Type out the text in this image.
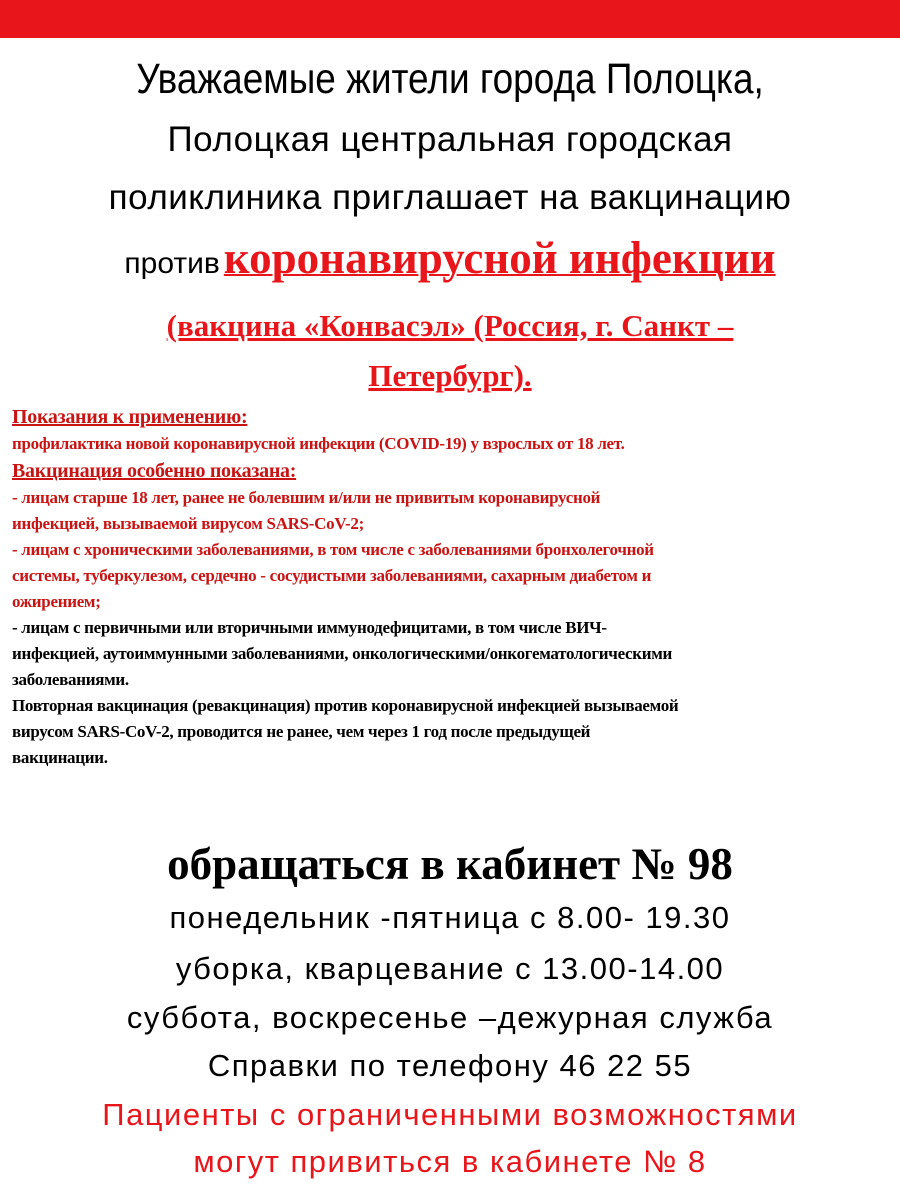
Уважаемые жители города Полоцка,
Полоцкая центральная городская
поликлиника приглашает на вакцинацию
против коронавирусной инфекции
(вакцина «Конвасэл» (Россия, г. Санкт –
Петербург).
Показания к применению:
профилактика новой коронавирусной инфекции (COVID-19) у взрослых от 18 лет.
Вакцинация особенно показана:
- лицам старше 18 лет, ранее не болевшим и/или не привитым коронавирусной
инфекцией, вызываемой вирусом SARS-CoV-2;
- лицам с хроническими заболеваниями, в том числе с заболеваниями бронхолегочной
системы, туберкулезом, сердечно - сосудистыми заболеваниями, сахарным диабетом и
ожирением;
- лицам с первичными или вторичными иммунодефицитами, в том числе ВИЧ-
инфекцией, аутоиммунными заболеваниями, онкологическими/онкогематологическими
заболеваниями.
Повторная вакцинация (ревакцинация) против коронавирусной инфекцией вызываемой
вирусом SARS-CoV-2, проводится не ранее, чем через 1 год после предыдущей
вакцинации.
обращаться в кабинет № 98
понедельник -пятница с 8.00- 19.30
уборка, кварцевание с 13.00-14.00
суббота, воскресенье –дежурная служба
Справки по телефону 46 22 55
Пациенты с ограниченными возможностями
могут привиться в кабинете № 8
